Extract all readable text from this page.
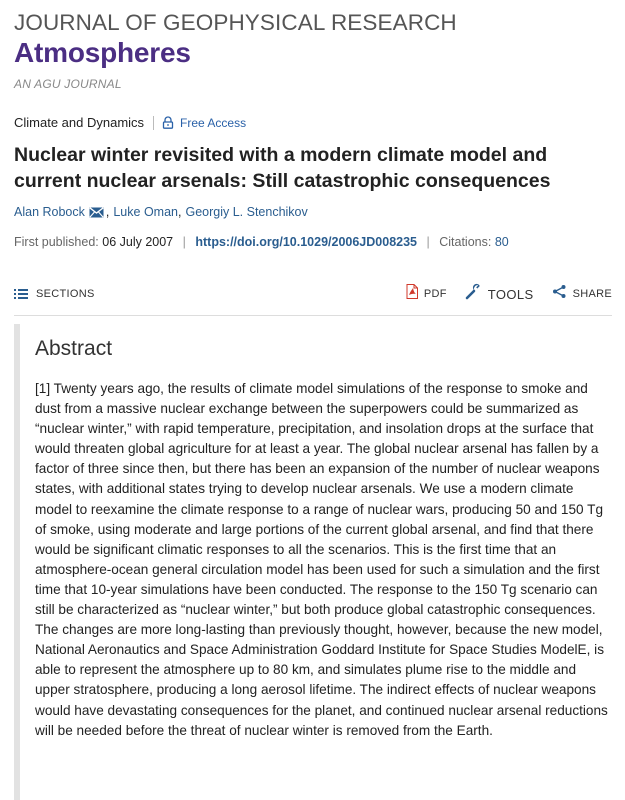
JOURNAL OF GEOPHYSICAL RESEARCH
Atmospheres
AN AGU JOURNAL
Climate and Dynamics	Free Access
Nuclear winter revisited with a modern climate model and current nuclear arsenals: Still catastrophic consequences
Alan Robock , Luke Oman , Georgiy L. Stenchikov
First published: 06 July 2007 | https://doi.org/10.1029/2006JD008235 | Citations: 80
SECTIONS	PDF	TOOLS	SHARE
Abstract

[1] Twenty years ago, the results of climate model simulations of the response to smoke and dust from a massive nuclear exchange between the superpowers could be summarized as “nuclear winter,” with rapid temperature, precipitation, and insolation drops at the surface that would threaten global agriculture for at least a year. The global nuclear arsenal has fallen by a factor of three since then, but there has been an expansion of the number of nuclear weapons states, with additional states trying to develop nuclear arsenals. We use a modern climate model to reexamine the climate response to a range of nuclear wars, producing 50 and 150 Tg of smoke, using moderate and large portions of the current global arsenal, and find that there would be significant climatic responses to all the scenarios. This is the first time that an atmosphere-ocean general circulation model has been used for such a simulation and the first time that 10-year simulations have been conducted. The response to the 150 Tg scenario can still be characterized as “nuclear winter,” but both produce global catastrophic consequences. The changes are more long-lasting than previously thought, however, because the new model, National Aeronautics and Space Administration Goddard Institute for Space Studies ModelE, is able to represent the atmosphere up to 80 km, and simulates plume rise to the middle and upper stratosphere, producing a long aerosol lifetime. The indirect effects of nuclear weapons would have devastating consequences for the planet, and continued nuclear arsenal reductions will be needed before the threat of nuclear winter is removed from the Earth.
